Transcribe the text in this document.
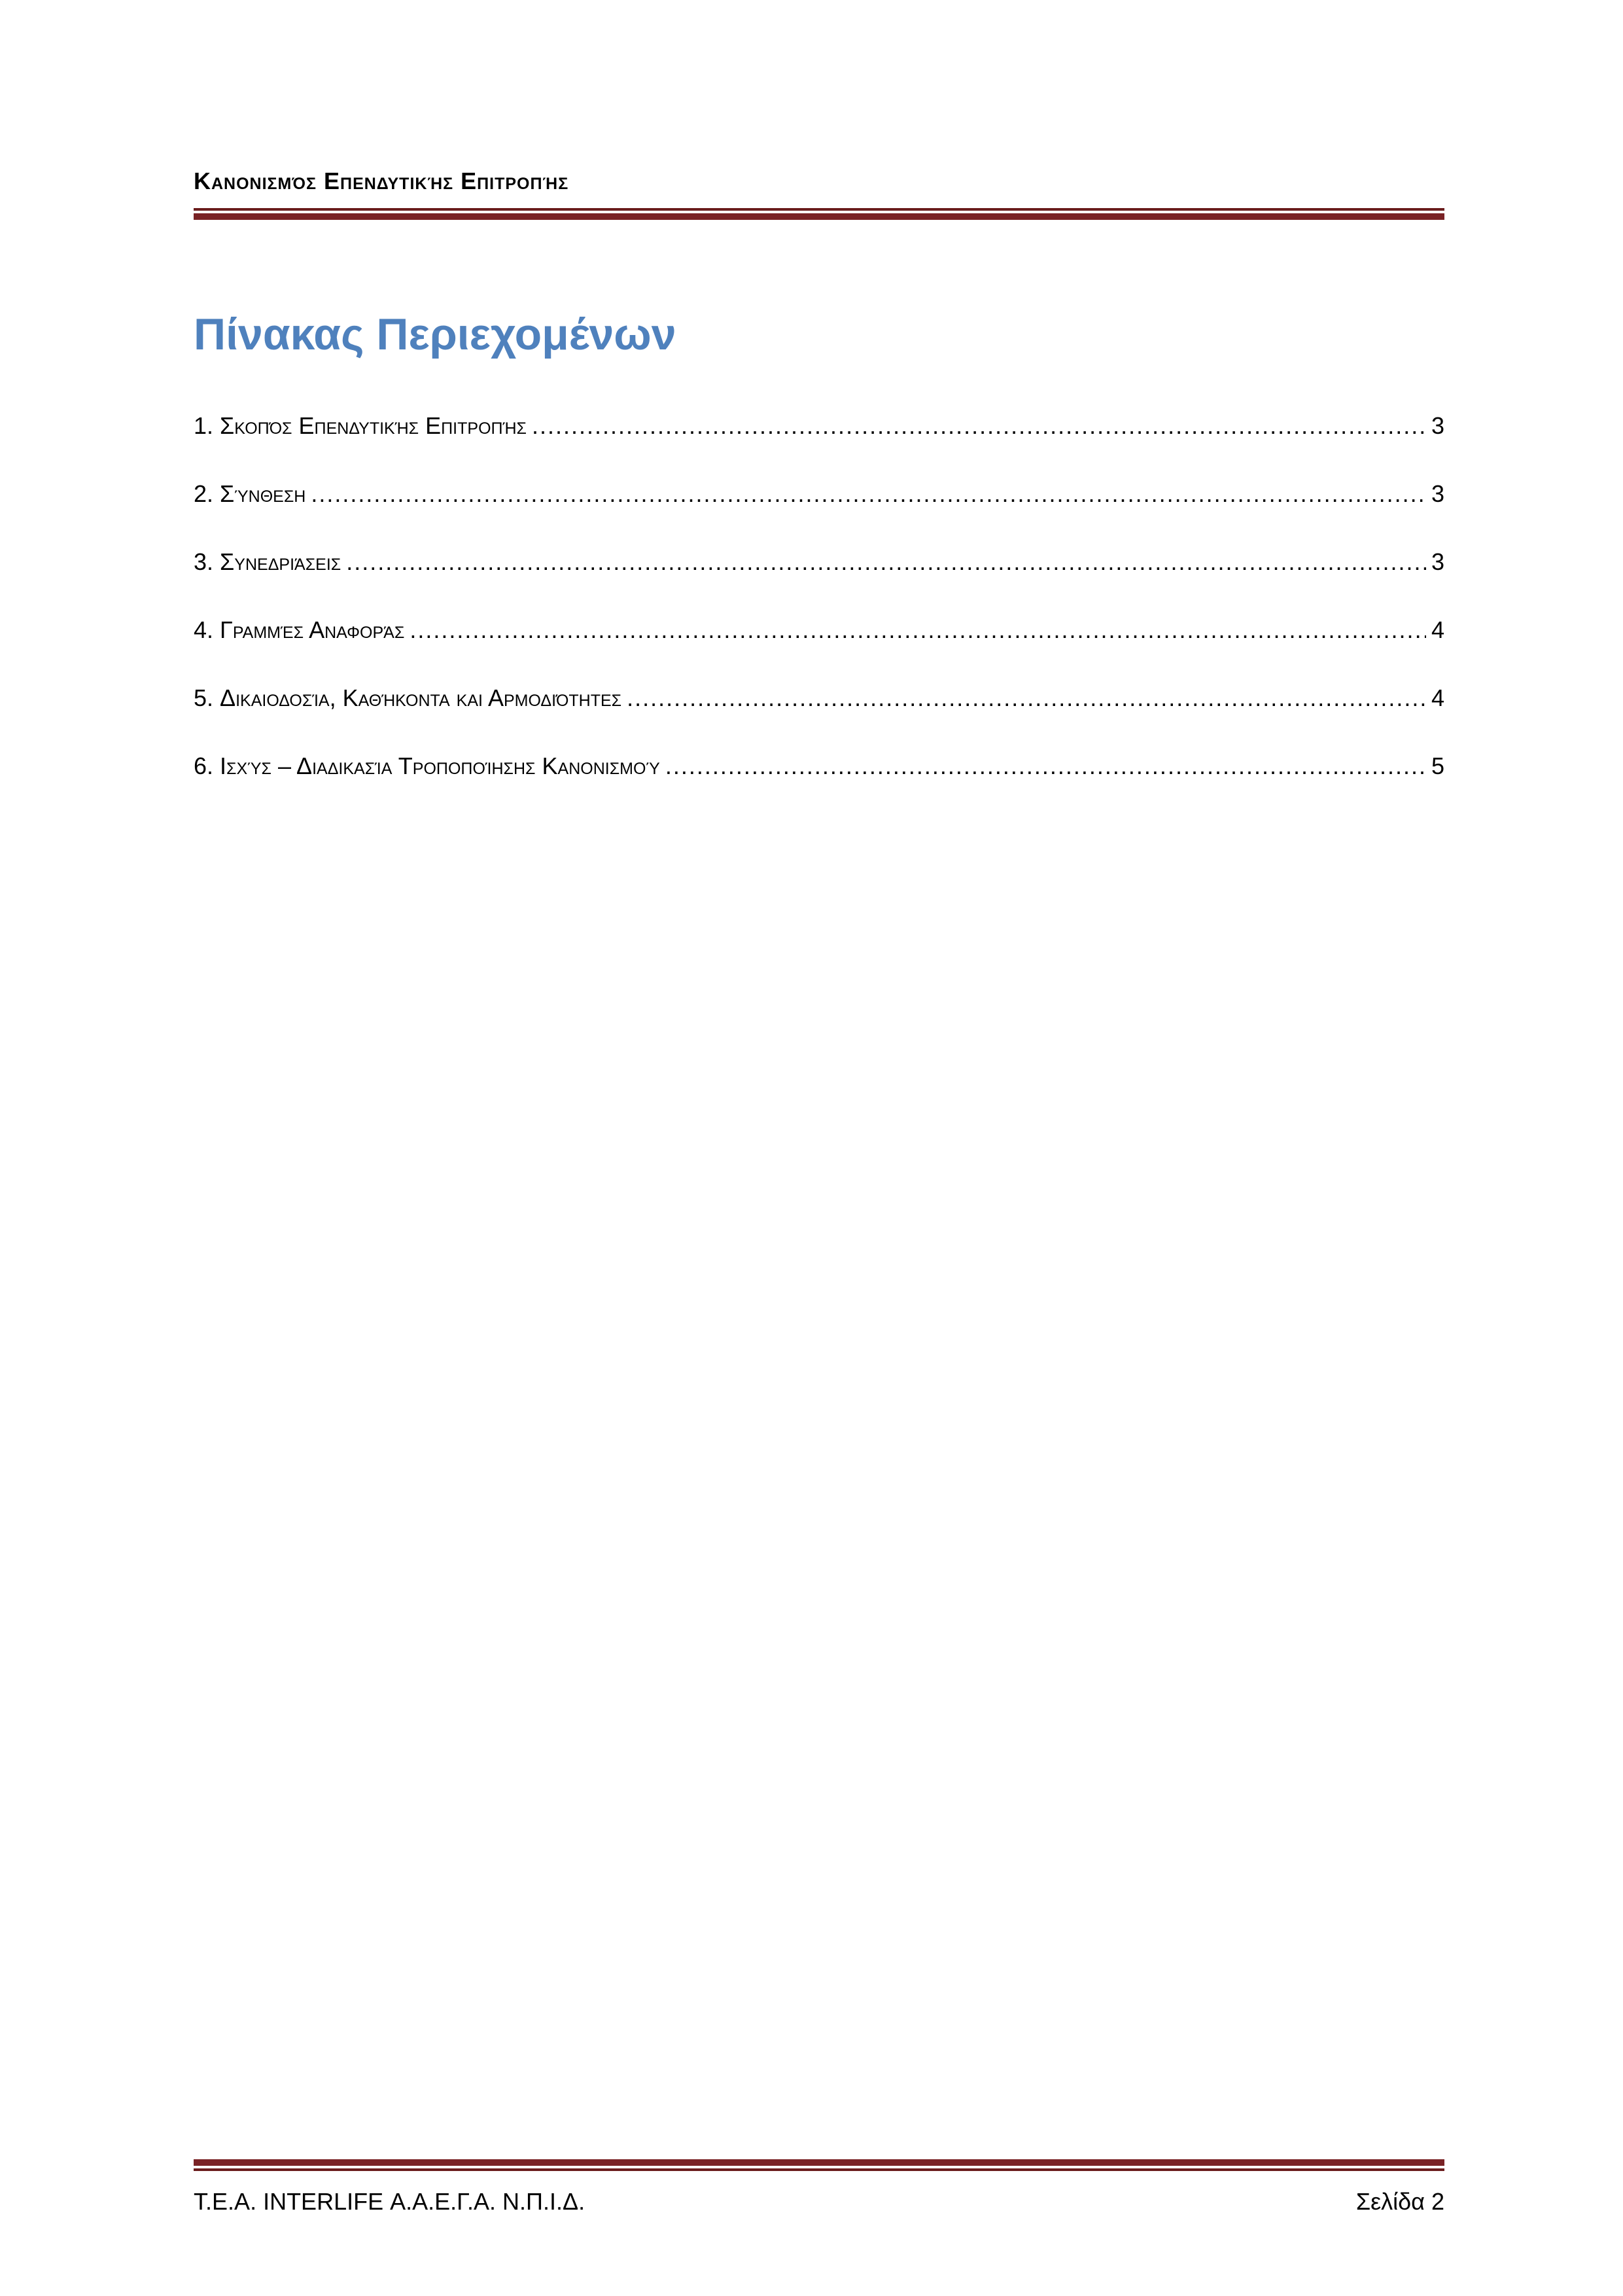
Κανονισμός Επενδυτικής Επιτροπής
Πίνακας Περιεχομένων
1. Σκοπός Επενδυτικής Επιτροπής .....	3
2. Σύνθεση .....	3
3. Συνεδριάσεις .....	3
4. Γραμμές Αναφοράς .....	4
5. Δικαιοδοσία, Καθήκοντα και Αρμοδιότητες .....	4
6. Ισχύς – Διαδικασία Τροποποίησης Κανονισμού .....	5
Τ.Ε.Α. INTERLIFE Α.Α.Ε.Γ.Α. Ν.Π.Ι.Δ.	Σελίδα 2
